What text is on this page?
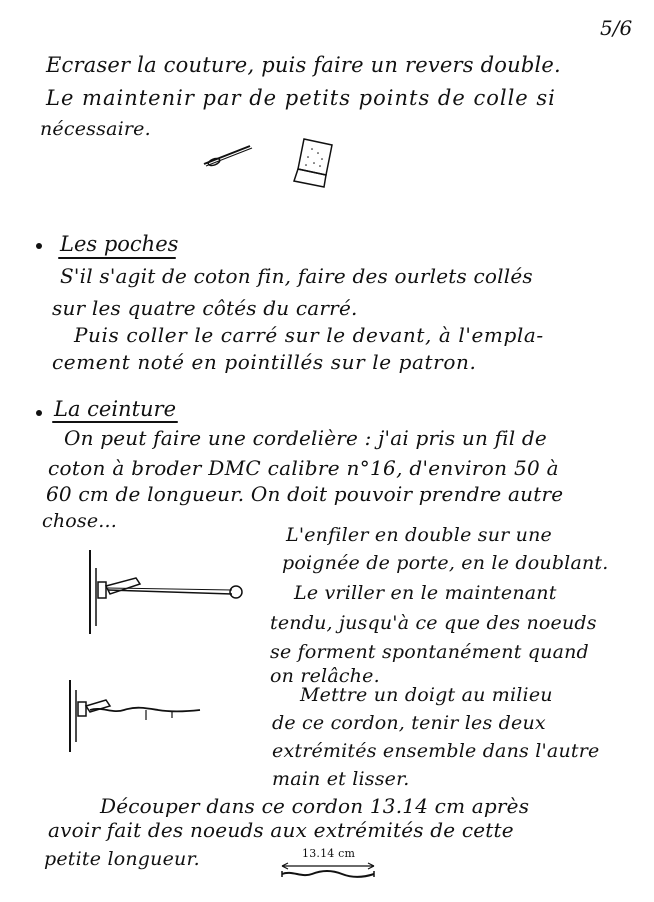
5/6
Ecraser la couture, puis faire un revers double.
Le maintenir par de petits points de colle si
nécessaire.
Les poches
S'il s'agit de coton fin, faire des ourlets collés
sur les quatre côtés du carré.
Puis coller le carré sur le devant, à l'empla-
cement noté en pointillés sur le patron.
La ceinture
On peut faire une cordelière : j'ai pris un fil de
coton à broder DMC calibre n°16, d'environ 50 à
60 cm de longueur. On doit pouvoir prendre autre
chose...
L'enfiler en double sur une
poignée de porte, en le doublant.
Le vriller en le maintenant
tendu, jusqu'à ce que des noeuds
se forment spontanément quand
on relâche.
Mettre un doigt au milieu
de ce cordon, tenir les deux
extrémités ensemble dans l'autre
main et lisser.
Découper dans ce cordon 13.14 cm après
avoir fait des noeuds aux extrémités de cette
petite longueur.	13.14 cm
